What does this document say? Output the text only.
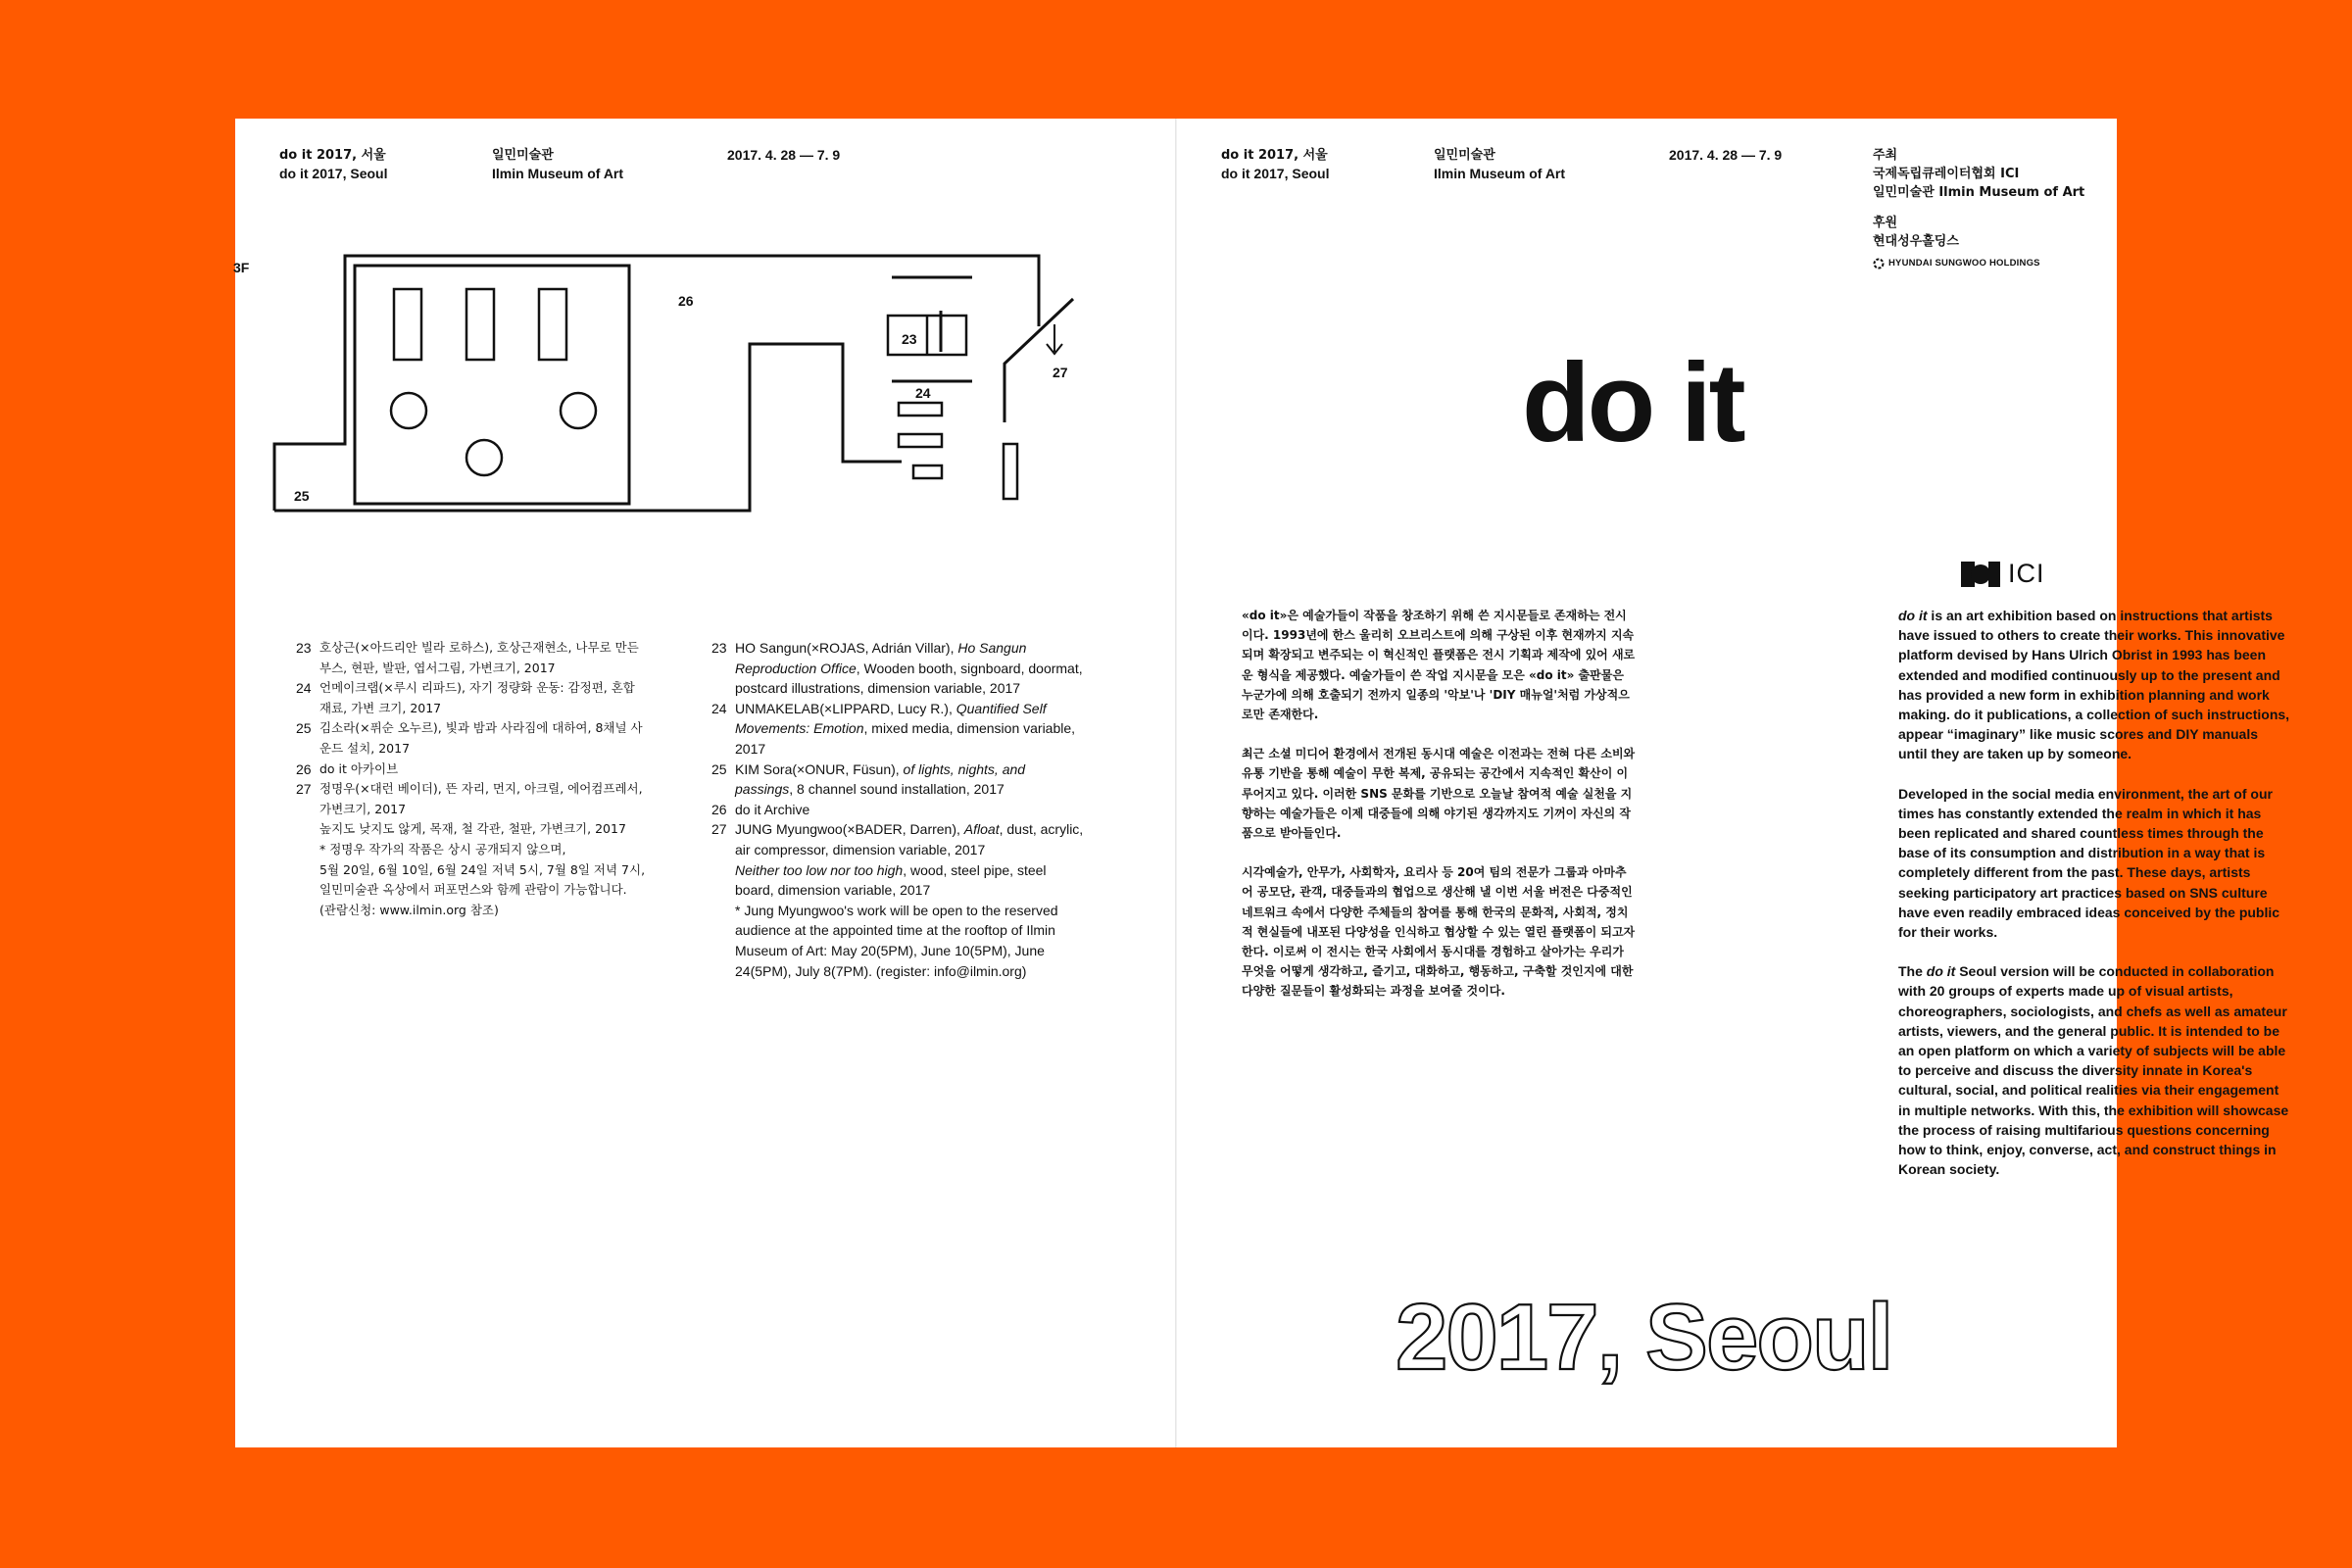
do it 2017, 서울
do it 2017, Seoul
일민미술관
Ilmin Museum of Art
2017. 4. 28 — 7. 9
3F
23
24
25
26
27
23 호상근(×아드리안 빌라 로하스), 호상근재현소, 나무로 만든 부스, 현판, 발판, 엽서그림, 가변크기, 2017
24 언메이크랩(×루시 리파드), 자기 정량화 운동: 감정편, 혼합 재료, 가변 크기, 2017
25 김소라(×퓌순 오누르), 빛과 밤과 사라짐에 대하여, 8채널 사운드 설치, 2017
26 do it 아카이브
27 정명우(×대런 베이더), 뜬 자리, 먼지, 아크릴, 에어컴프레서, 가변크기, 2017
높지도 낮지도 않게, 목재, 철 각관, 철판, 가변크기, 2017
* 정명우 작가의 작품은 상시 공개되지 않으며,
5월 20일, 6월 10일, 6월 24일 저녁 5시, 7월 8일 저녁 7시,
일민미술관 옥상에서 퍼포먼스와 함께 관람이 가능합니다.
(관람신청: www.ilmin.org 참조)
23 HO Sangun(×ROJAS, Adrián Villar), Ho Sangun Reproduction Office, Wooden booth, signboard, doormat, postcard illustrations, dimension variable, 2017
24 UNMAKELAB(×LIPPARD, Lucy R.), Quantified Self Movements: Emotion, mixed media, dimension variable, 2017
25 KIM Sora(×ONUR, Füsun), of lights, nights, and passings, 8 channel sound installation, 2017
26 do it Archive
27 JUNG Myungwoo(×BADER, Darren), Afloat, dust, acrylic, air compressor, dimension variable, 2017
Neither too low nor too high, wood, steel pipe, steel board, dimension variable, 2017
* Jung Myungwoo's work will be open to the reserved audience at the appointed time at the rooftop of Ilmin Museum of Art: May 20(5PM), June 10(5PM), June 24(5PM), July 8(7PM). (register: info@ilmin.org)
do it 2017, 서울
do it 2017, Seoul
일민미술관
Ilmin Museum of Art
2017. 4. 28 — 7. 9	주최
국제독립큐레이터협회 ICI
일민미술관 Ilmin Museum of Art
후원
현대성우홀딩스
HYUNDAI SUNGWOO HOLDINGS
do it
ICI

«do it»은 예술가들이 작품을 창조하기 위해 쓴 지시문들로 존재하는 전시이다. 1993년에 한스 울리히 오브리스트에 의해 구상된 이후 현재까지 지속되며 확장되고 변주되는 이 혁신적인 플랫폼은 전시 기획과 제작에 있어 새로운 형식을 제공했다. 예술가들이 쓴 작업 지시문을 모은 «do it» 출판물은 누군가에 의해 호출되기 전까지 일종의 '악보'나 'DIY 매뉴얼'처럼 가상적으로만 존재한다.

최근 소셜 미디어 환경에서 전개된 동시대 예술은 이전과는 전혀 다른 소비와 유통 기반을 통해 예술이 무한 복제, 공유되는 공간에서 지속적인 확산이 이루어지고 있다. 이러한 SNS 문화를 기반으로 오늘날 참여적 예술 실천을 지향하는 예술가들은 이제 대중들에 의해 야기된 생각까지도 기꺼이 자신의 작품으로 받아들인다.

시각예술가, 안무가, 사회학자, 요리사 등 20여 팀의 전문가 그룹과 아마추어 공모단, 관객, 대중들과의 협업으로 생산해 낼 이번 서울 버전은 다중적인 네트워크 속에서 다양한 주체들의 참여를 통해 한국의 문화적, 사회적, 정치적 현실들에 내포된 다양성을 인식하고 협상할 수 있는 열린 플랫폼이 되고자 한다. 이로써 이 전시는 한국 사회에서 동시대를 경험하고 살아가는 우리가 무엇을 어떻게 생각하고, 즐기고, 대화하고, 행동하고, 구축할 것인지에 대한 다양한 질문들이 활성화되는 과정을 보여줄 것이다.

do it is an art exhibition based on instructions that artists have issued to others to create their works. This innovative platform devised by Hans Ulrich Obrist in 1993 has been extended and modified continuously up to the present and has provided a new form in exhibition planning and work making. do it publications, a collection of such instructions, appear “imaginary” like music scores and DIY manuals until they are taken up by someone.

Developed in the social media environment, the art of our times has constantly extended the realm in which it has been replicated and shared countless times through the base of its consumption and distribution in a way that is completely different from the past. These days, artists seeking participatory art practices based on SNS culture have even readily embraced ideas conceived by the public for their works.

The do it Seoul version will be conducted in collaboration with 20 groups of experts made up of visual artists, choreographers, sociologists, and chefs as well as amateur artists, viewers, and the general public. It is intended to be an open platform on which a variety of subjects will be able to perceive and discuss the diversity innate in Korea's cultural, social, and political realities via their engagement in multiple networks. With this, the exhibition will showcase the process of raising multifarious questions concerning how to think, enjoy, converse, act, and construct things in Korean society.

2017, Seoul
